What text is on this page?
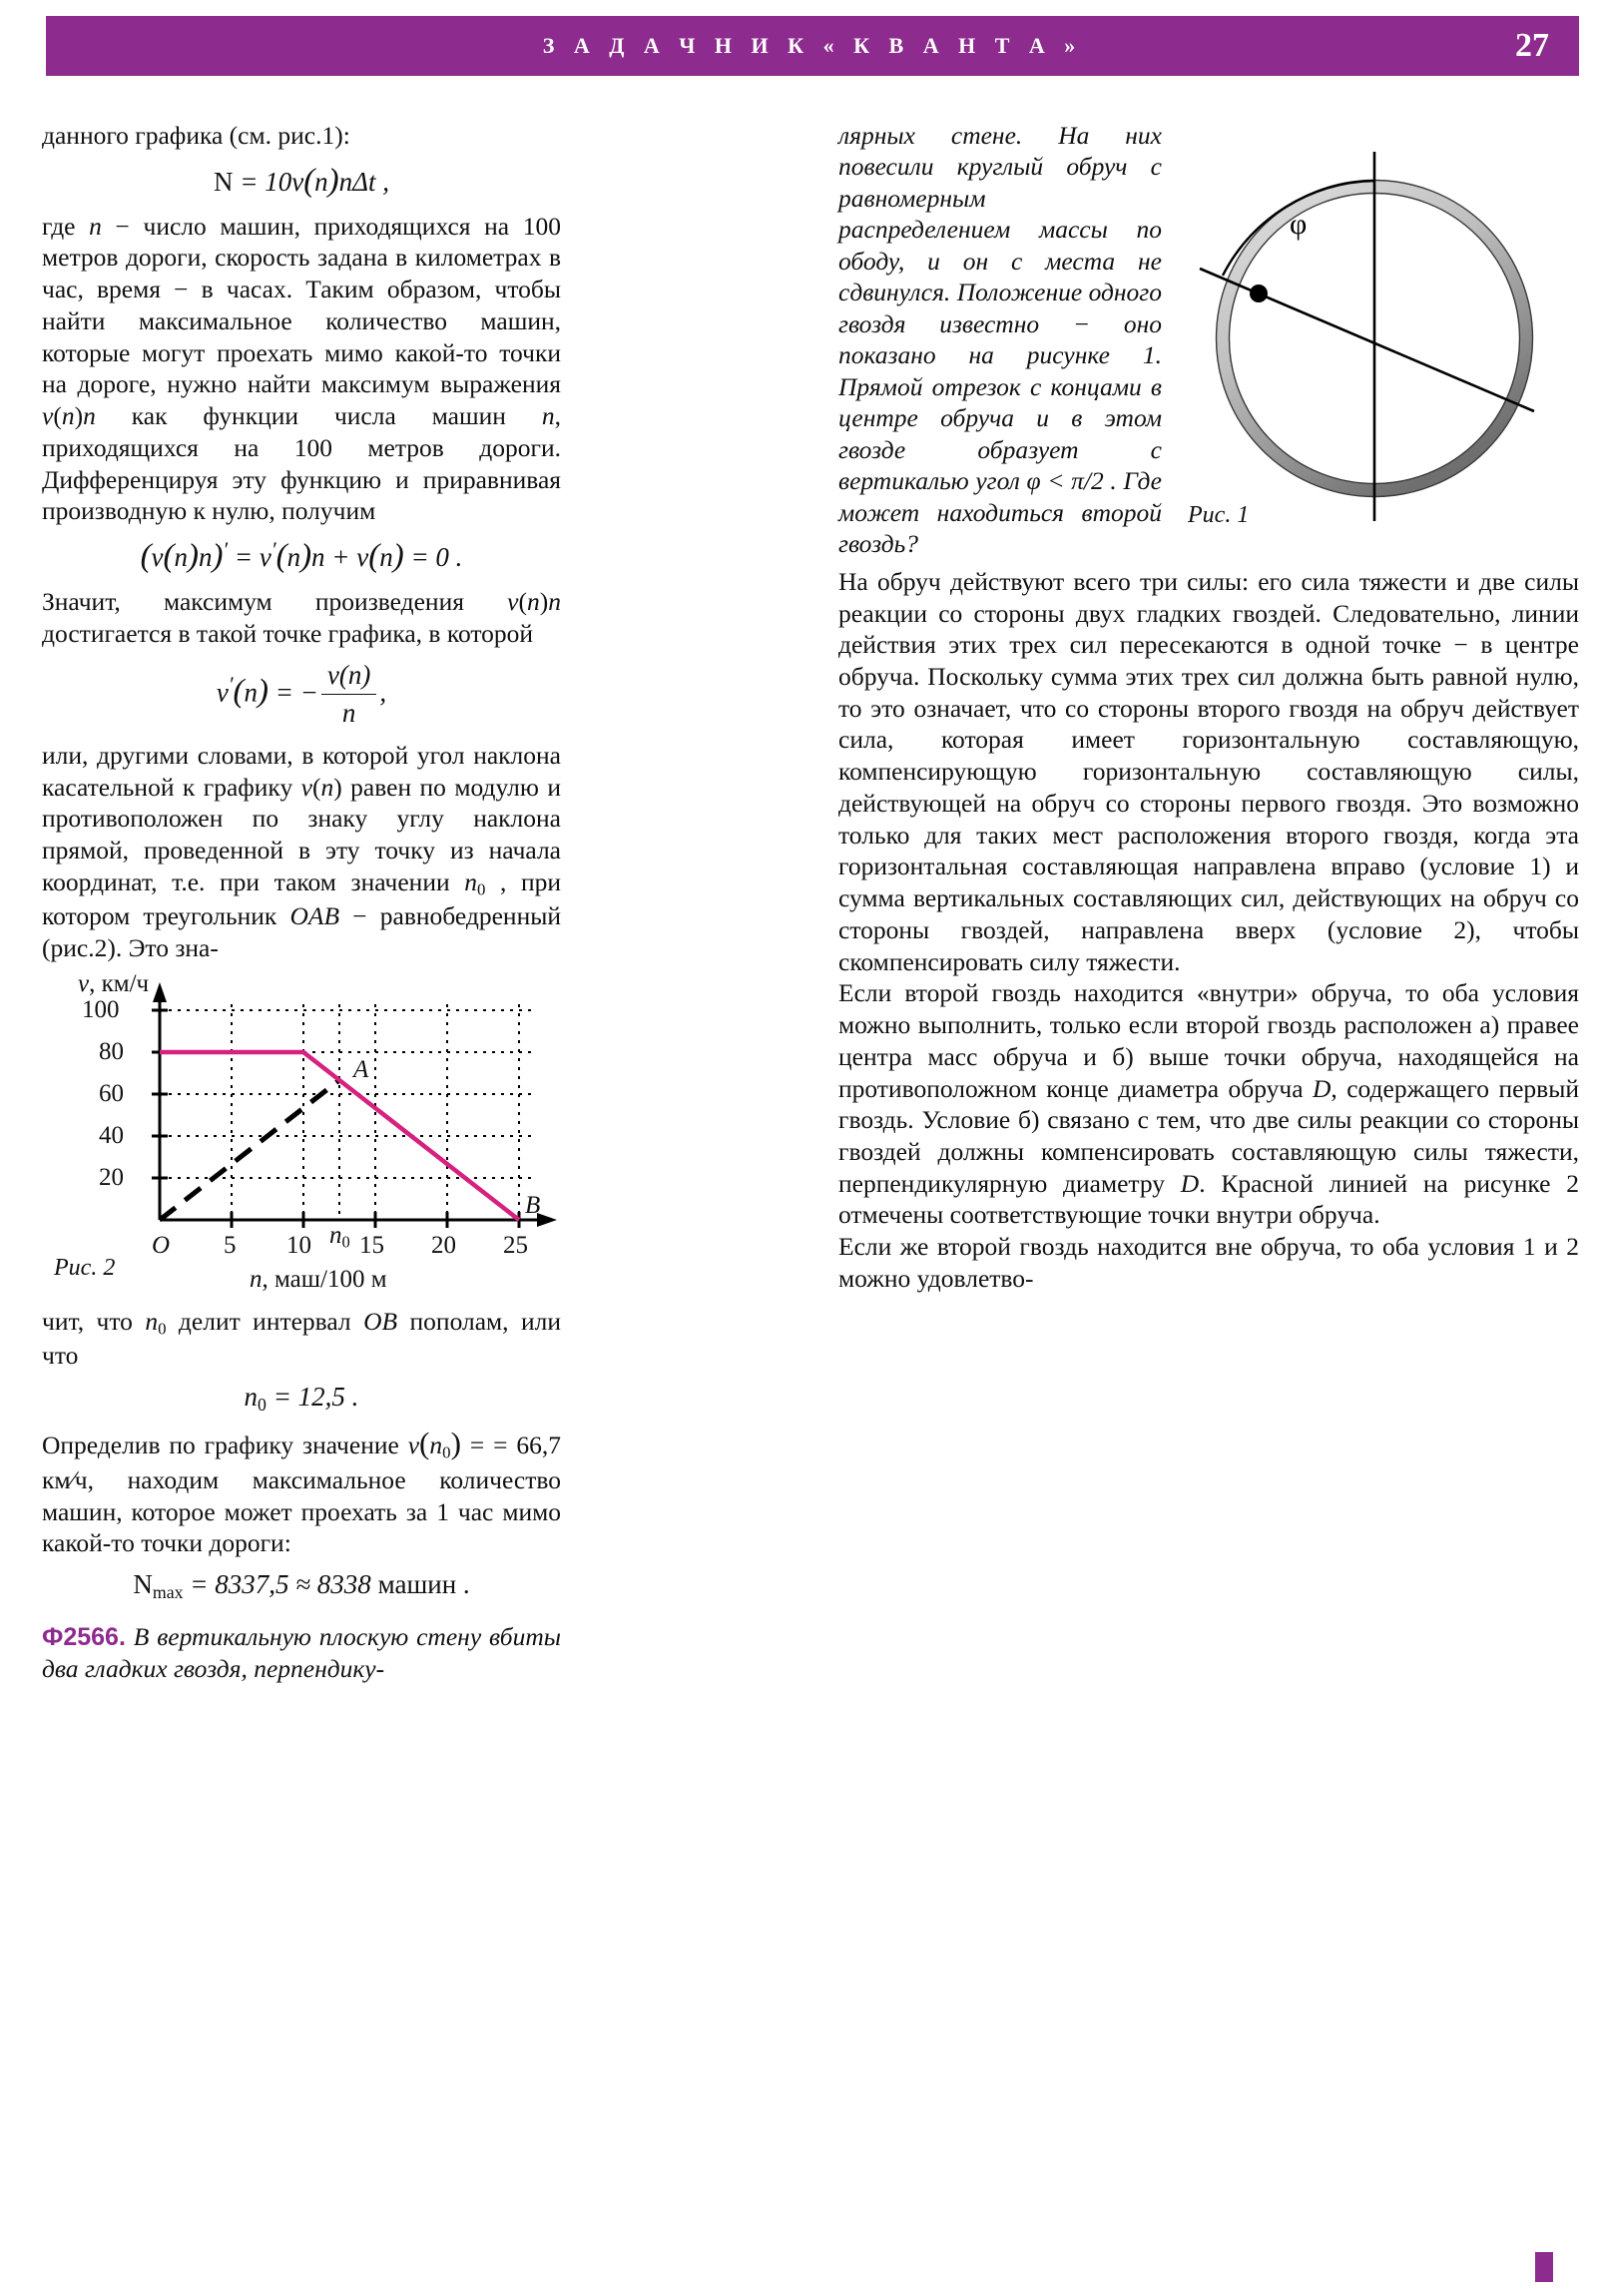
З А Д А Ч Н И К « К В А Н Т А »	27

данного графика (см. рис.1):

N = 10v(n)nΔt ,

где n − число машин, приходящихся на 100 метров дороги, скорость задана в километрах в час, время − в часах. Таким образом, чтобы найти максимальное количество машин, которые могут проехать мимо какой-то точки на дороге, нужно найти максимум выражения v(n)n как функции числа машин n, приходящихся на 100 метров дороги. Дифференцируя эту функцию и приравнивая производную к нулю, получим

(v(n)n)′ = v′(n)n + v(n) = 0 .

Значит, максимум произведения v(n)n достигается в такой точке графика, в которой

v′(n) = − $\frac{v(n)}{n}$ ,

или, другими словами, в которой угол наклона касательной к графику v(n) равен по модулю и противоположен по знаку углу наклона прямой, проведенной в эту точку из начала координат, т.е. при таком значении $n_0$ , при котором треугольник OAB − равнобедренный (рис.2). Это зна-

v, км/ч
100
80
60
40
20
O 5 10 $n_0$ 15 20 25
A
B
n, маш/100 м
Рис. 2

чит, что $n_0$ делит интервал OB пополам, или что

$n_0 = 12,5$ .

Определив по графику значение $v(n_0)$ = = 66,7 км∕ч, находим максимальное количество машин, которое может проехать за 1 час мимо какой-то точки дороги:

$N_{max} = 8337,5 \approx 8338$ машин .

Ф2566. В вертикальную плоскую стену вбиты два гладких гвоздя, перпендику-

φ
Рис. 1

лярных стене. На них повесили круглый обруч с равномерным распределением массы по ободу, и он с места не сдвинулся. Положение одного гвоздя известно − оно показано на рисунке 1. Прямой отрезок с концами в центре обруча и в этом гвозде образует с вертикалью угол φ < π/2 . Где может находиться второй гвоздь?

На обруч действуют всего три силы: его сила тяжести и две силы реакции со стороны двух гладких гвоздей. Следовательно, линии действия этих трех сил пересекаются в одной точке − в центре обруча. Поскольку сумма этих трех сил должна быть равной нулю, то это означает, что со стороны второго гвоздя на обруч действует сила, которая имеет горизонтальную составляющую, компенсирующую горизонтальную составляющую силы, действующей на обруч со стороны первого гвоздя. Это возможно только для таких мест расположения второго гвоздя, когда эта горизонтальная составляющая направлена вправо (условие 1) и сумма вертикальных составляющих сил, действующих на обруч со стороны гвоздей, направлена вверх (условие 2), чтобы скомпенсировать силу тяжести.

Если второй гвоздь находится «внутри» обруча, то оба условия можно выполнить, только если второй гвоздь расположен а) правее центра масс обруча и б) выше точки обруча, находящейся на противоположном конце диаметра обруча D, содержащего первый гвоздь. Условие б) связано с тем, что две силы реакции со стороны гвоздей должны компенсировать составляющую силы тяжести, перпендикулярную диаметру D. Красной линией на рисунке 2 отмечены соответствующие точки внутри обруча.

Если же второй гвоздь находится вне обруча, то оба условия 1 и 2 можно удовлетво-
